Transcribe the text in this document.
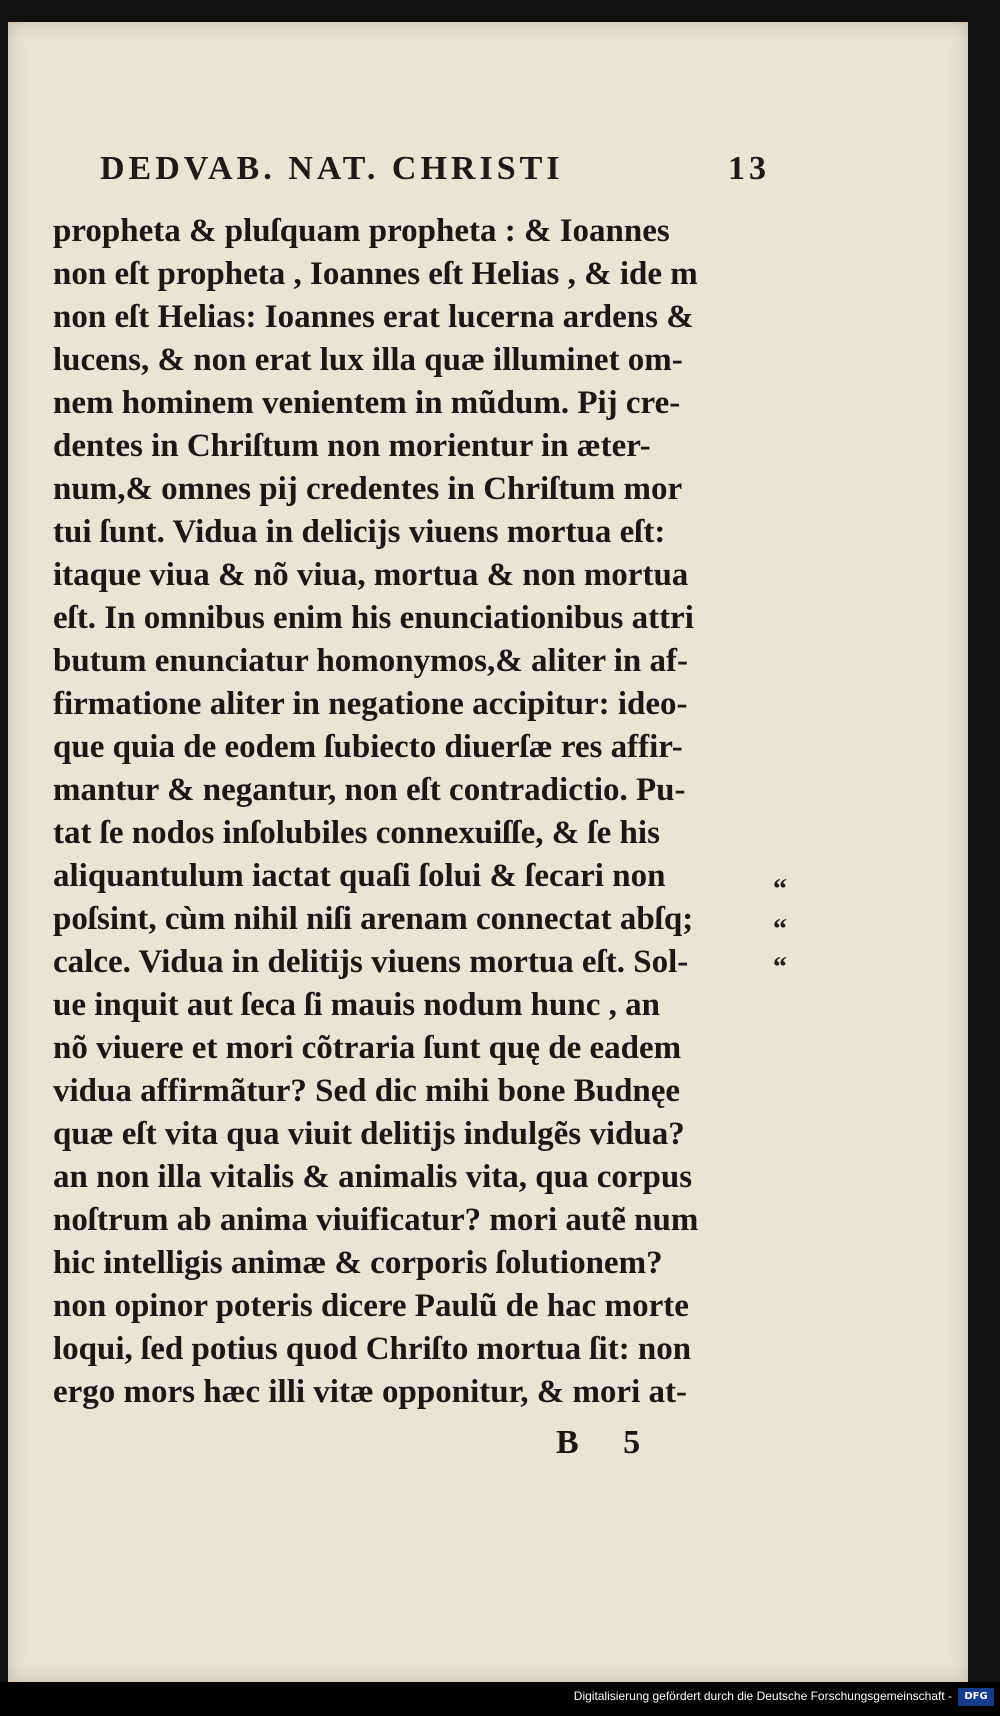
DEDVAB. NAT. CHRISTI	13
propheta & pluſquam propheta : & Ioannes
non eſt propheta , Ioannes eſt Helias , & ide m
non eſt Helias: Ioannes erat lucerna ardens &
lucens, & non erat lux illa quæ illuminet om-
nem hominem venientem in mũdum. Pij cre-
dentes in Chriſtum non morientur in æter-
num,& omnes pij credentes in Chriſtum mor
tui ſunt. Vidua in delicijs viuens mortua eſt:
itaque viua & nõ viua, mortua & non mortua
eſt. In omnibus enim his enunciationibus attri
butum enunciatur homonymos,& aliter in af-
firmatione aliter in negatione accipitur: ideo-
que quia de eodem ſubiecto diuerſæ res affir-
mantur & negantur, non eſt contradictio. Pu-
tat ſe nodos inſolubiles connexuiſſe, & ſe his
aliquantulum iactat quaſi ſolui & ſecari non
poſsint, cùm nihil niſi arenam connectat abſq;
calce. Vidua in delitijs viuens mortua eſt. Sol-
ue inquit aut ſeca ſi mauis nodum hunc , an
nõ viuere et mori cõtraria ſunt quę de eadem
vidua affirmãtur? Sed dic mihi bone Budnęe
quæ eſt vita qua viuit delitijs indulgẽs vidua?
an non illa vitalis & animalis vita, qua corpus
noſtrum ab anima viuificatur? mori autẽ num
hic intelligis animæ & corporis ſolutionem?
non opinor poteris dicere Paulũ de hac morte
loqui, ſed potius quod Chriſto mortua ſit: non
ergo mors hæc illi vitæ opponitur, & mori at-
“
“
“
B 5
Digitalisierung gefördert durch die Deutsche Forschungsgemeinschaft -	DFG
